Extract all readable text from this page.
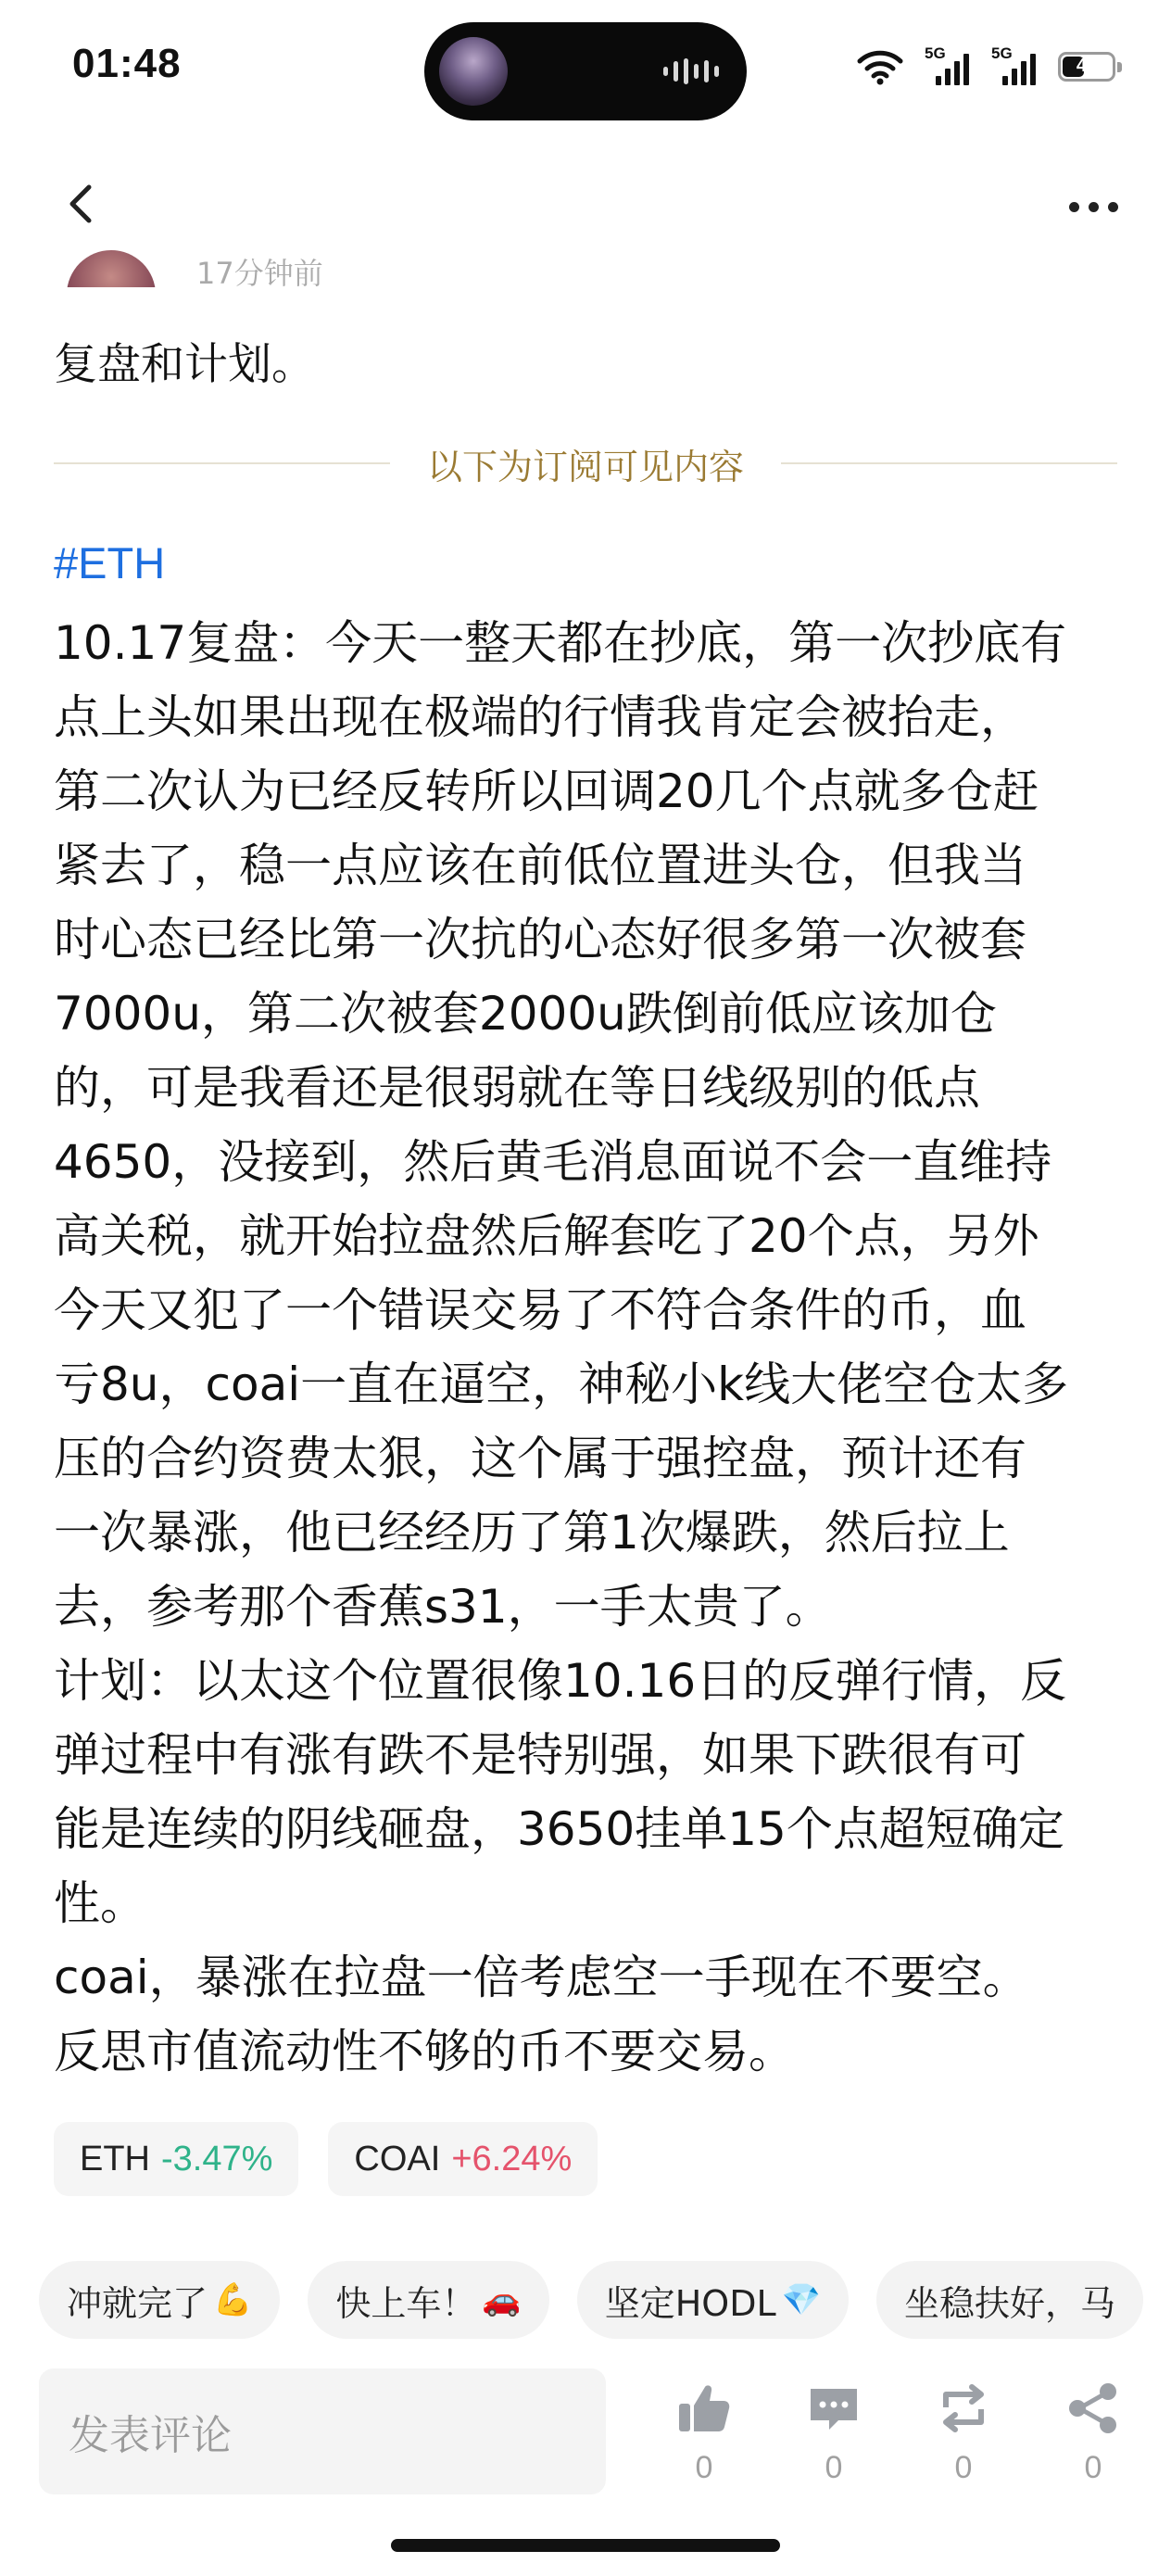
01:48	5G	5G
41
17分钟前
复盘和计划。
以下为订阅可见内容
#ETH
10.17复盘：今天一整天都在抄底，第一次抄底有
点上头如果出现在极端的行情我肯定会被抬走，
第二次认为已经反转所以回调20几个点就多仓赶
紧去了，稳一点应该在前低位置进头仓，但我当
时心态已经比第一次抗的心态好很多第一次被套
7000u，第二次被套2000u跌倒前低应该加仓
的，可是我看还是很弱就在等日线级别的低点
4650，没接到，然后黄毛消息面说不会一直维持
高关税，就开始拉盘然后解套吃了20个点，另外
今天又犯了一个错误交易了不符合条件的币，血
亏8u，coai一直在逼空，神秘小k线大佬空仓太多
压的合约资费太狠，这个属于强控盘，预计还有
一次暴涨，他已经经历了第1次爆跌，然后拉上
去，参考那个香蕉s31，一手太贵了。
计划：以太这个位置很像10.16日的反弹行情，反
弹过程中有涨有跌不是特别强，如果下跌很有可
能是连续的阴线砸盘，3650挂单15个点超短确定
性。
coai，暴涨在拉盘一倍考虑空一手现在不要空。
反思市值流动性不够的币不要交易。
ETH -3.47% COAI +6.24%
冲就完了 💪 快上车！ 🚗 坚定HODL 💎 坐稳扶好，马
发表评论
0	0	0	0
